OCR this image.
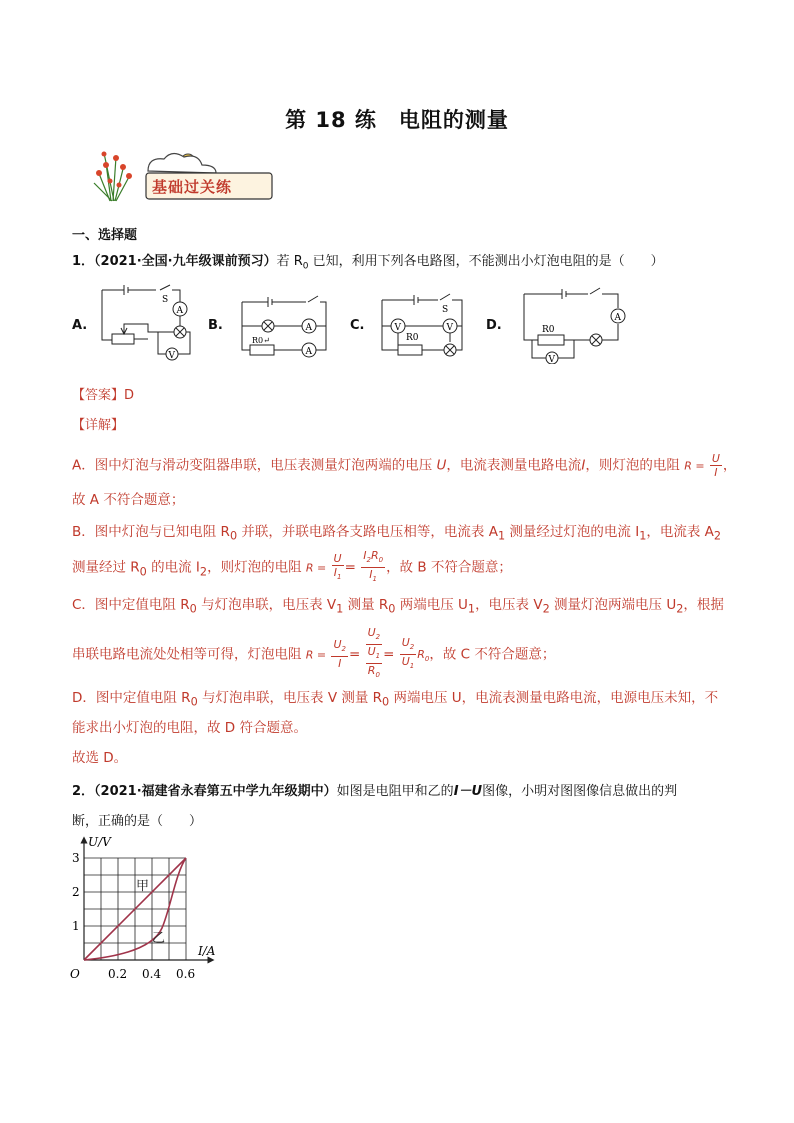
第 18 练　电阻的测量
基础过关练
一、选择题
1．（2021·全国·九年级课前预习）若 $R_0$ 已知，利用下列各电路图，不能测出小灯泡电阻的是（　　）
A.	B.	C.	D.
A
V
S
A
A
R0↵
V	V
S
R0
A
V
R0
【答案】D
【详解】
A．图中灯泡与滑动变阻器串联，电压表测量灯泡两端的电压 U，电流表测量电路电流I，则灯泡的电阻 $R = \frac{U}{I}$ ，
故 A 不符合题意；
B．图中灯泡与已知电阻 $R_0$ 并联，并联电路各支路电压相等，电流表 $A_1$ 测量经过灯泡的电流 $I_1$，电流表 $A_2$
测量经过 $R_0$ 的电流 $I_2$，则灯泡的电阻 $R = \frac{U}{I_1} = \frac{I_2R_0}{I_1}$ ，故 B 不符合题意；
C．图中定值电阻 $R_0$ 与灯泡串联，电压表 $V_1$ 测量 $R_0$ 两端电压 $U_1$，电压表 $V_2$ 测量灯泡两端电压 $U_2$，根据
串联电路电流处处相等可得，灯泡电阻 $R = \frac{U_2}{I}$ =
$U_2$
$U_1$
$R_0$
= $\frac{U_2}{U_1} R_0$，故 C 不符合题意；
D．图中定值电阻 $R_0$ 与灯泡串联，电压表 V 测量 $R_0$ 两端电压 U，电流表测量电路电流，电源电压未知，不
能求出小灯泡的电阻，故 D 符合题意。
故选 D。
2．（2021·福建省永春第五中学九年级期中）如图是电阻甲和乙的I－U图像，小明对图图像信息做出的判
断，正确的是（　　）
U/V
I/A
O
1
2
3
0.2 0.4 0.6
甲
乙
